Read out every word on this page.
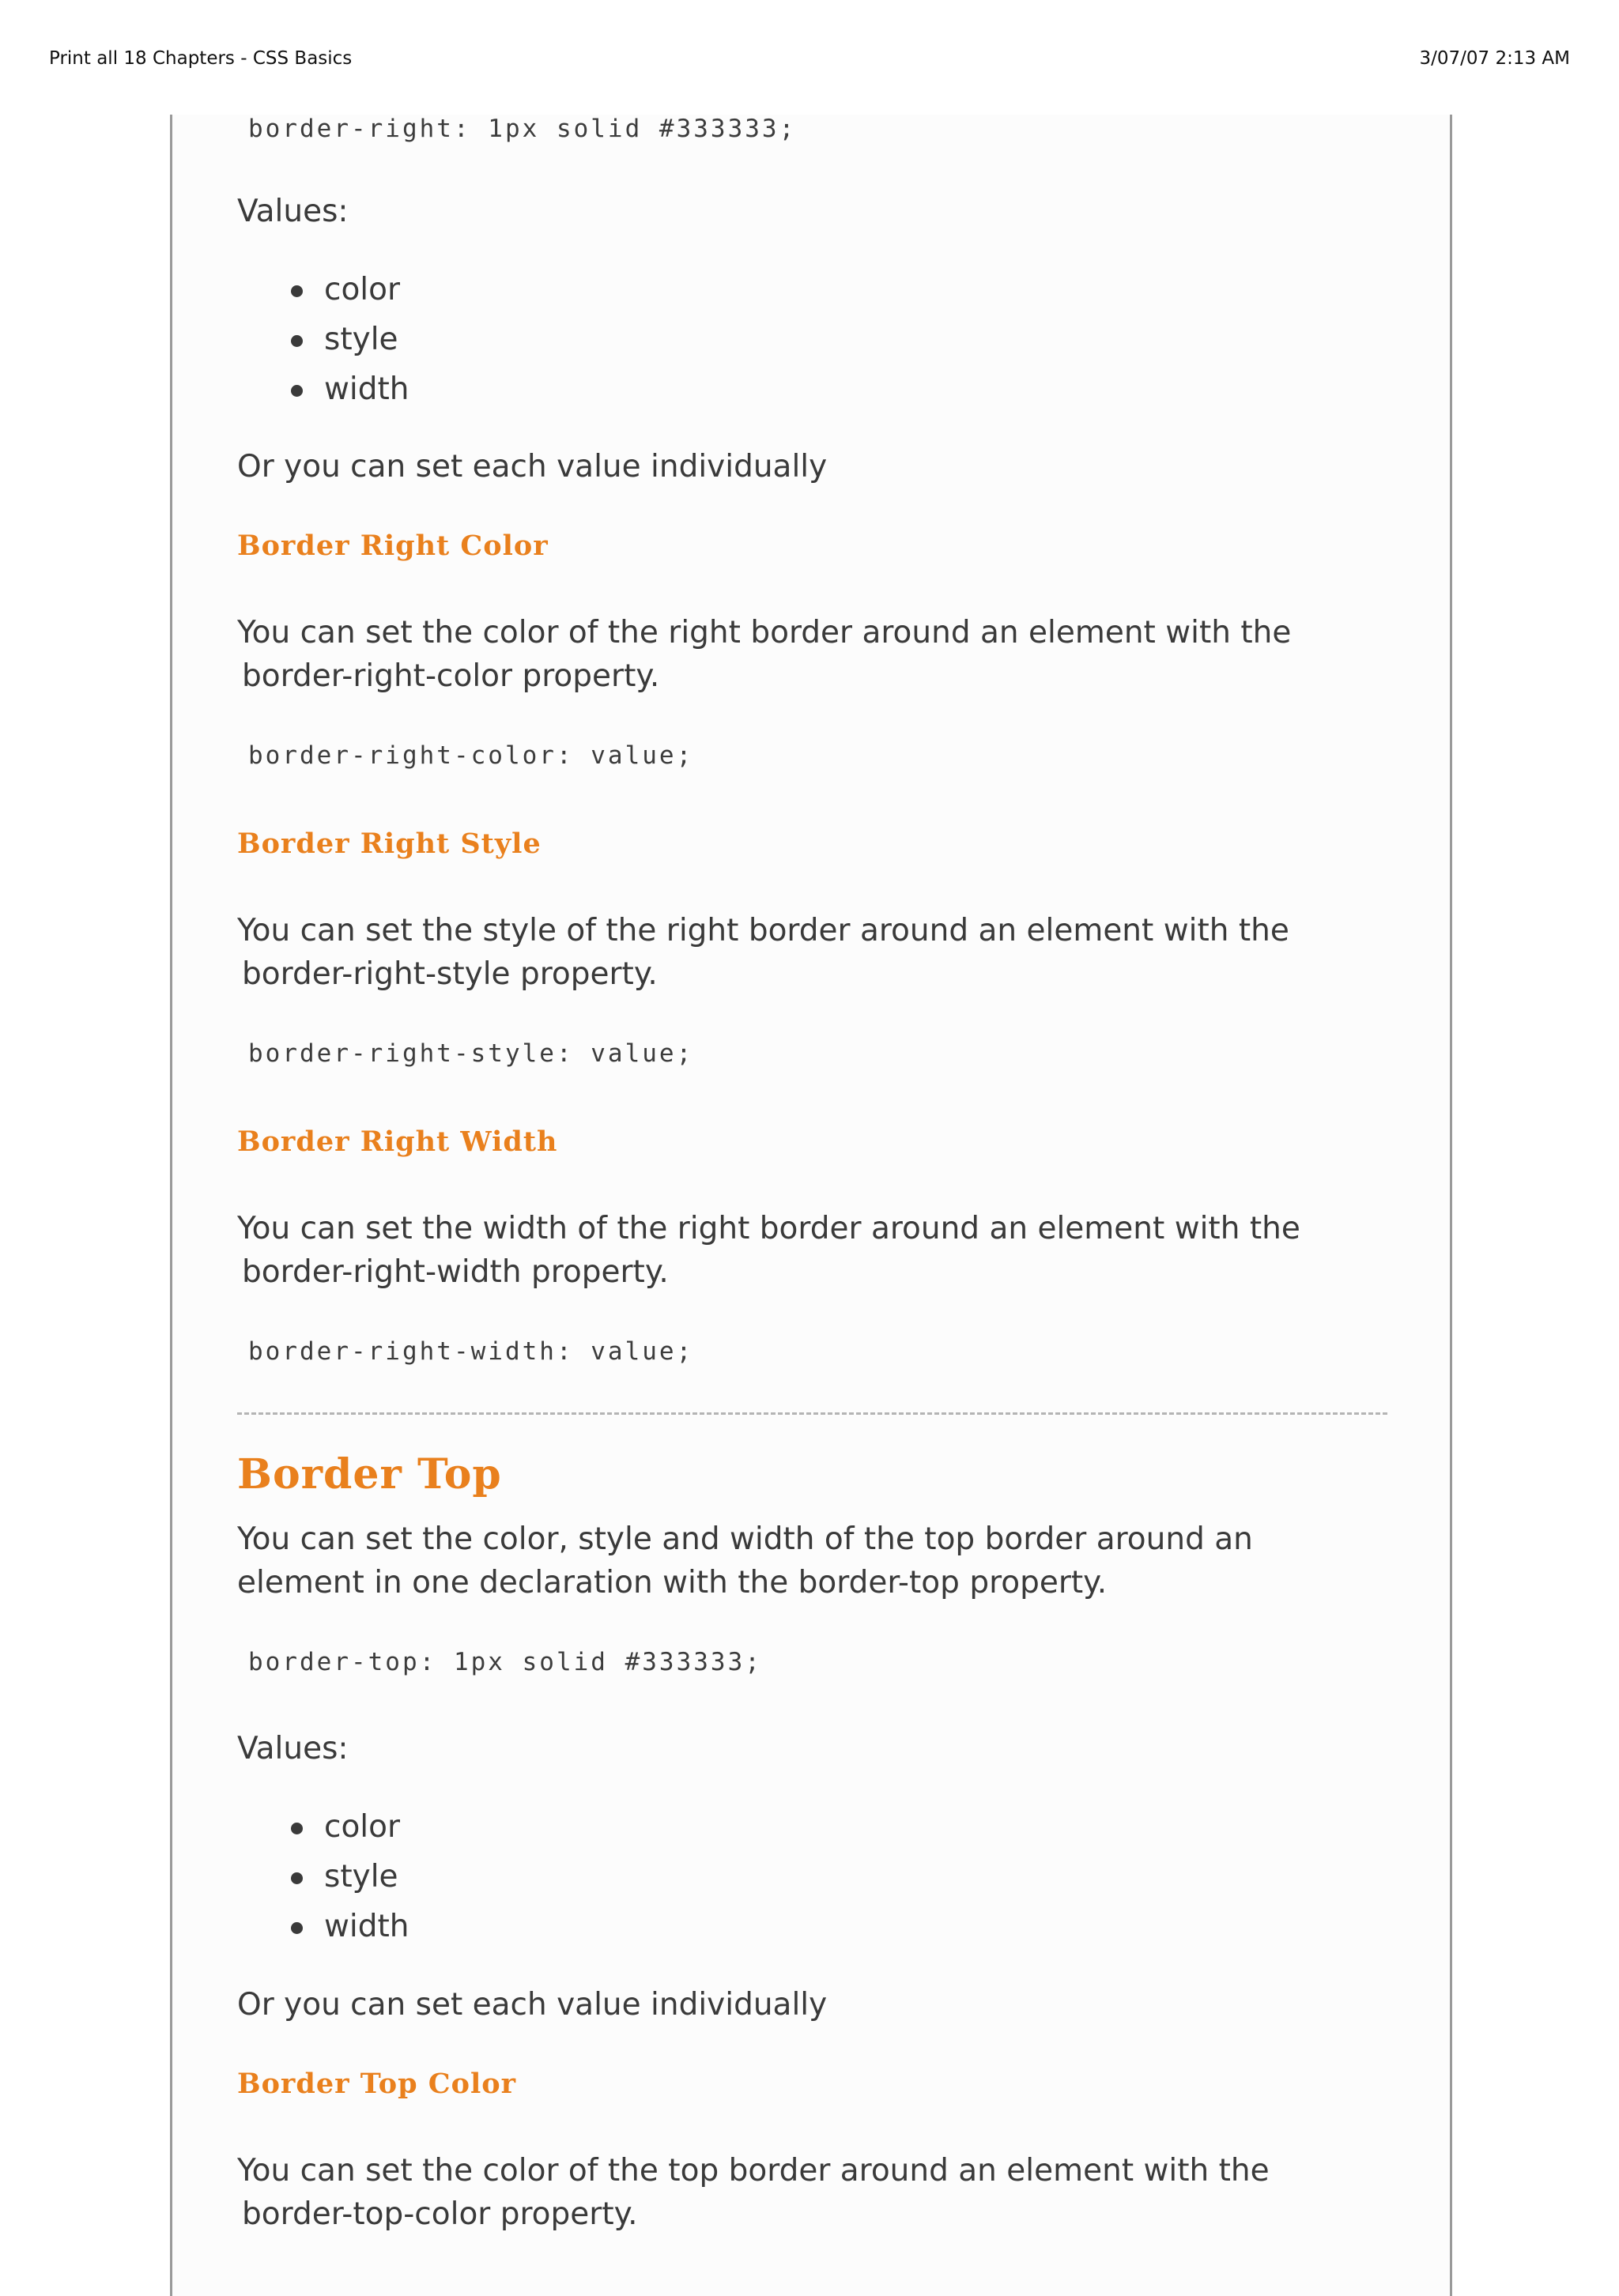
Print all 18 Chapters - CSS Basics	3/07/07 2:13 AM
border-right: 1px solid #333333;
Values:
color
style
width
Or you can set each value individually
Border Right Color
You can set the color of the right border around an element with the
border-right-color property.
border-right-color: value;
Border Right Style
You can set the style of the right border around an element with the
border-right-style property.
border-right-style: value;
Border Right Width
You can set the width of the right border around an element with the
border-right-width property.
border-right-width: value;
Border Top
You can set the color, style and width of the top border around an
element in one declaration with the border-top property.
border-top: 1px solid #333333;
Values:
color
style
width
Or you can set each value individually
Border Top Color
You can set the color of the top border around an element with the
border-top-color property.
